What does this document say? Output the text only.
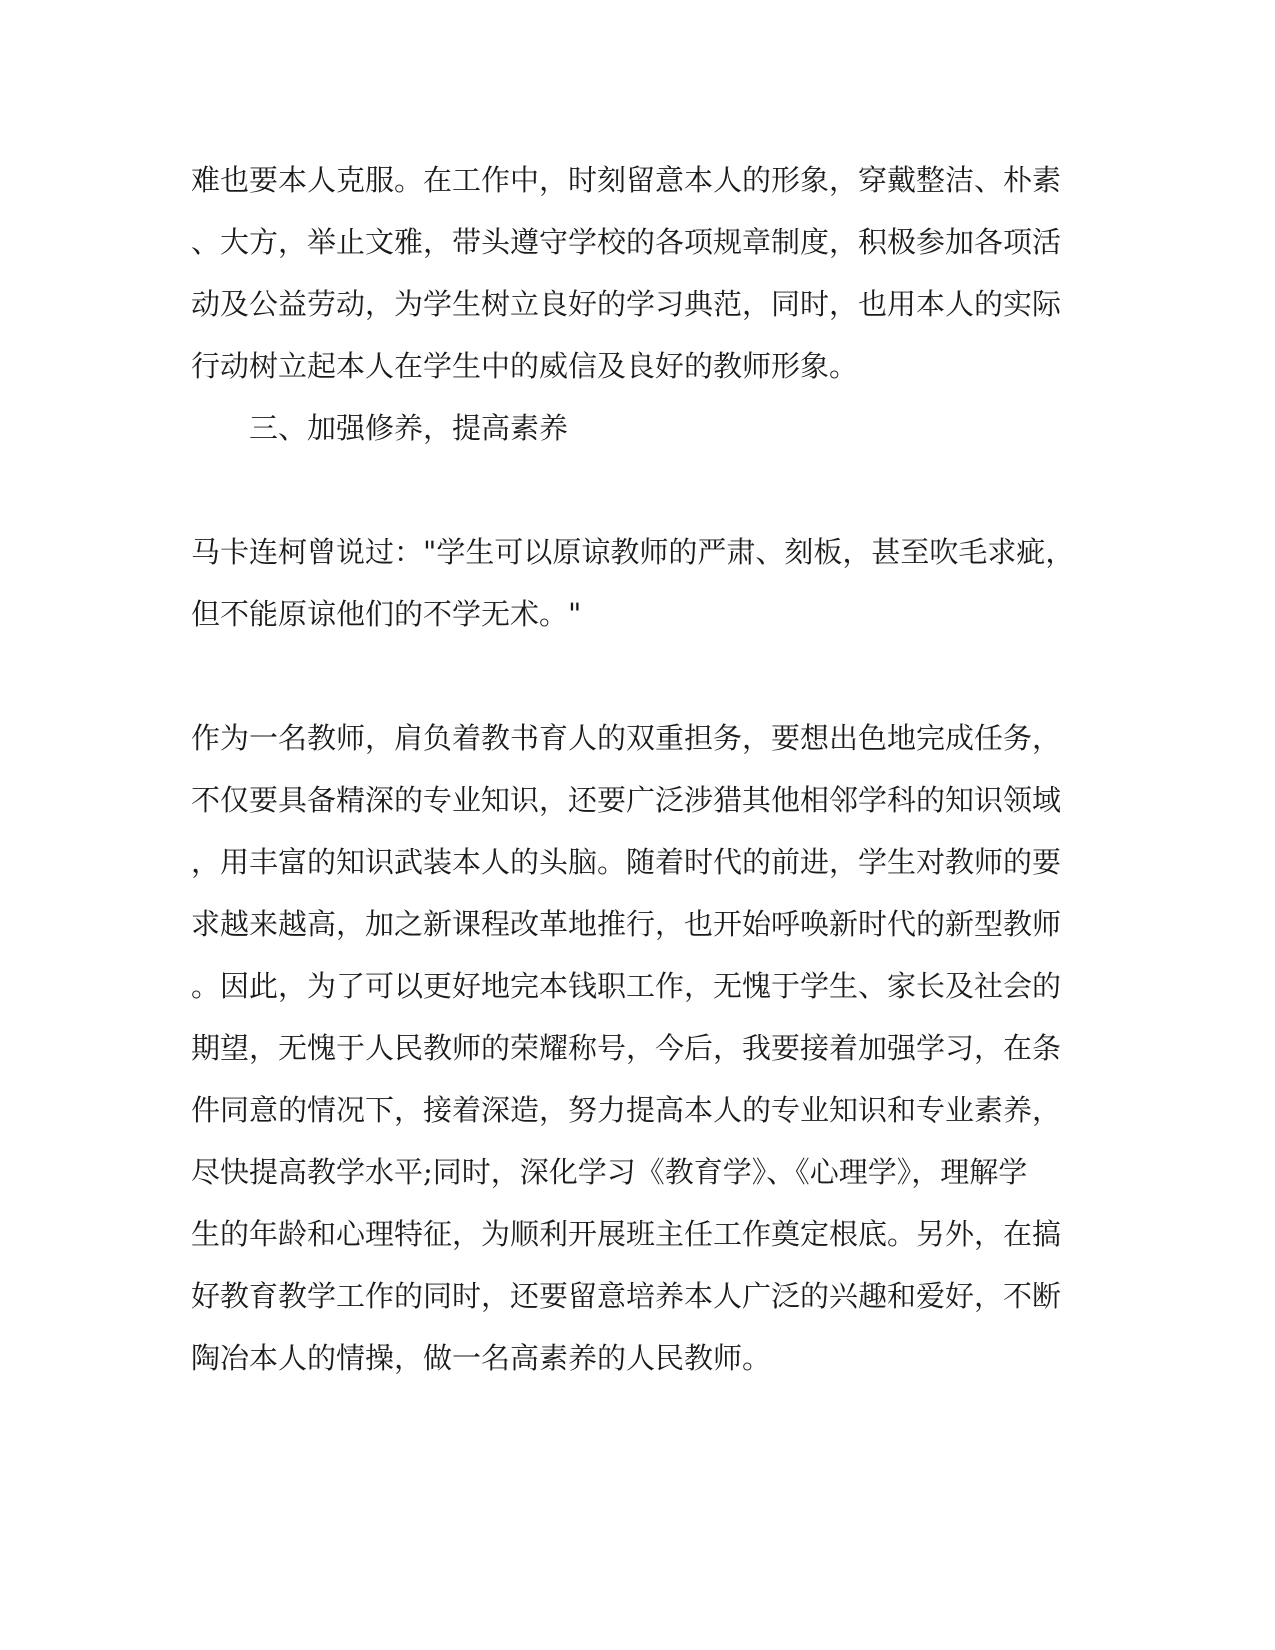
难也要本人克服。在工作中，时刻留意本人的形象，穿戴整洁、朴素
、大方，举止文雅，带头遵守学校的各项规章制度，积极参加各项活
动及公益劳动，为学生树立良好的学习典范，同时，也用本人的实际
行动树立起本人在学生中的威信及良好的教师形象。
三、加强修养，提高素养
马卡连柯曾说过："学生可以原谅教师的严肃、刻板，甚至吹毛求疵，
但不能原谅他们的不学无术。"
作为一名教师，肩负着教书育人的双重担务，要想出色地完成任务，
不仅要具备精深的专业知识，还要广泛涉猎其他相邻学科的知识领域
，用丰富的知识武装本人的头脑。随着时代的前进，学生对教师的要
求越来越高，加之新课程改革地推行，也开始呼唤新时代的新型教师
。因此，为了可以更好地完本钱职工作，无愧于学生、家长及社会的
期望，无愧于人民教师的荣耀称号，今后，我要接着加强学习，在条
件同意的情况下，接着深造，努力提高本人的专业知识和专业素养，
尽快提高教学水平;同时，深化学习《教育学》、《心理学》，理解学
生的年龄和心理特征，为顺利开展班主任工作奠定根底。另外，在搞
好教育教学工作的同时，还要留意培养本人广泛的兴趣和爱好，不断
陶冶本人的情操，做一名高素养的人民教师。
